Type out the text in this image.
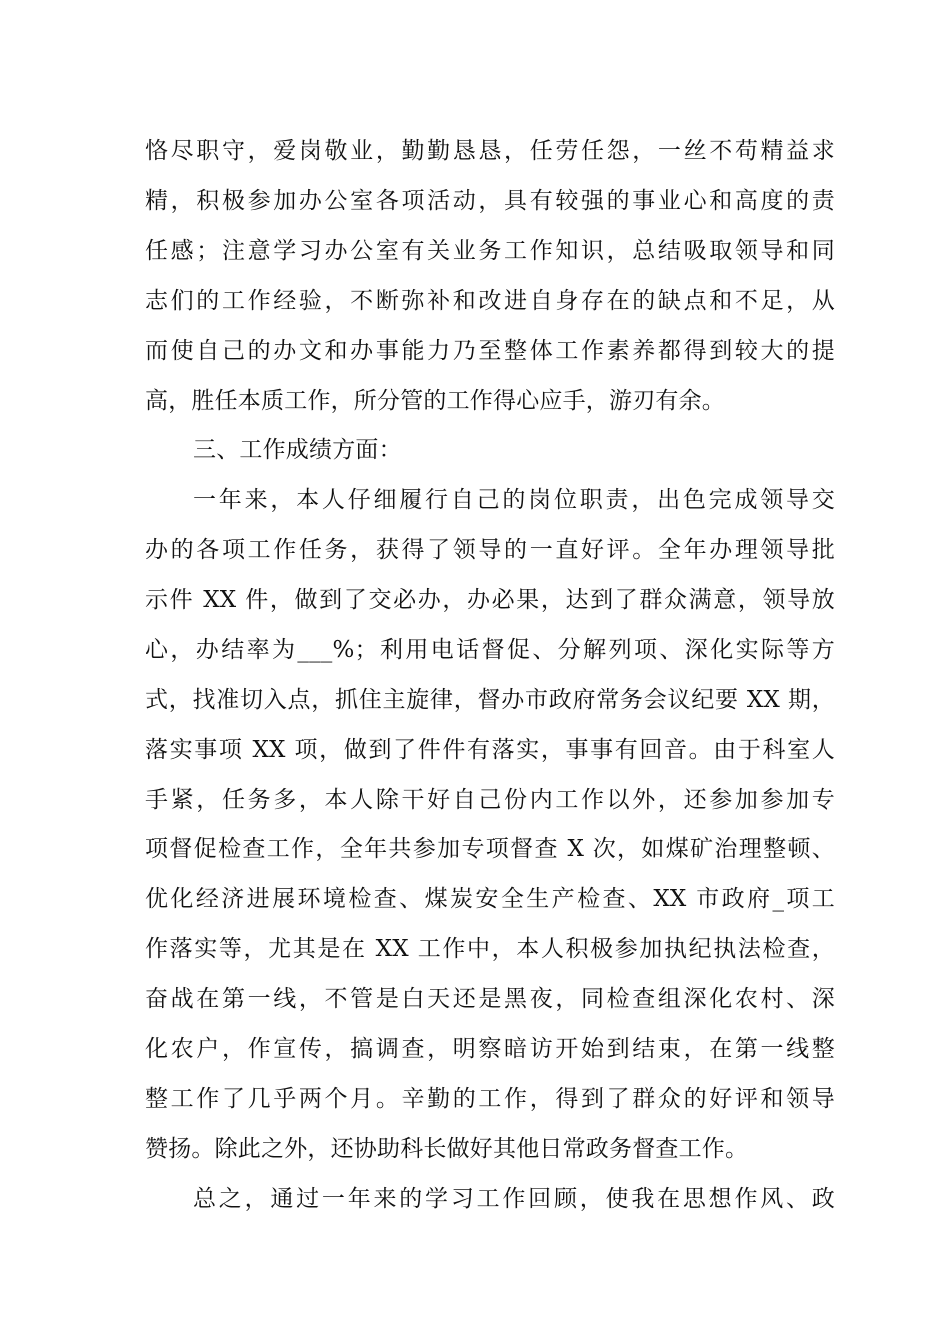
恪尽职守，爱岗敬业，勤勤恳恳，任劳任怨，一丝不苟精益求
精，积极参加办公室各项活动，具有较强的事业心和高度的责
任感；注意学习办公室有关业务工作知识，总结吸取领导和同
志们的工作经验，不断弥补和改进自身存在的缺点和不足，从
而使自己的办文和办事能力乃至整体工作素养都得到较大的提
高，胜任本质工作，所分管的工作得心应手，游刃有余。
三、工作成绩方面：
一年来，本人仔细履行自己的岗位职责，出色完成领导交
办的各项工作任务，获得了领导的一直好评。全年办理领导批
示件 XX 件，做到了交必办，办必果，达到了群众满意，领导放
心，办结率为___%；利用电话督促、分解列项、深化实际等方
式，找准切入点，抓住主旋律，督办市政府常务会议纪要 XX 期，
落实事项 XX 项，做到了件件有落实，事事有回音。由于科室人
手紧，任务多，本人除干好自己份内工作以外，还参加参加专
项督促检查工作，全年共参加专项督查 X 次，如煤矿治理整顿、
优化经济进展环境检查、煤炭安全生产检查、XX 市政府_项工
作落实等，尤其是在 XX 工作中，本人积极参加执纪执法检查，
奋战在第一线，不管是白天还是黑夜，同检查组深化农村、深
化农户，作宣传，搞调查，明察暗访开始到结束，在第一线整
整工作了几乎两个月。辛勤的工作，得到了群众的好评和领导
赞扬。除此之外，还协助科长做好其他日常政务督查工作。
总之，通过一年来的学习工作回顾，使我在思想作风、政
